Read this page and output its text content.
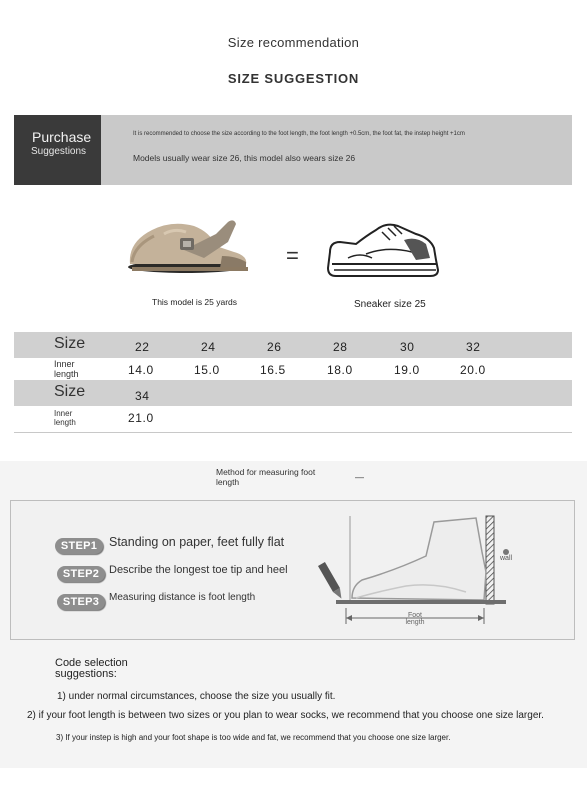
Size recommendation
SIZE SUGGESTION
Purchase
Suggestions
It is recommended to choose the size according to the foot length, the foot length +0.5cm, the foot fat, the instep height +1cm
Models usually wear size 26, this model also wears size 26
=
This model is 25 yards	Sneaker size 25
Size	22	24	26	28	30	32
Inner
length	14.0	15.0	16.5	18.0	19.0	20.0
Size	34
Inner
length	21.0
Method for measuring foot length	—
STEP1 Standing on paper, feet fully flat
STEP2 Describe the longest toe tip and heel
STEP3 Measuring distance is foot length
wall
Foot
length
Code selection suggestions:
1) under normal circumstances, choose the size you usually fit.
2) if your foot length is between two sizes or you plan to wear socks, we recommend that you choose one size larger.
3) If your instep is high and your foot shape is too wide and fat, we recommend that you choose one size larger.
